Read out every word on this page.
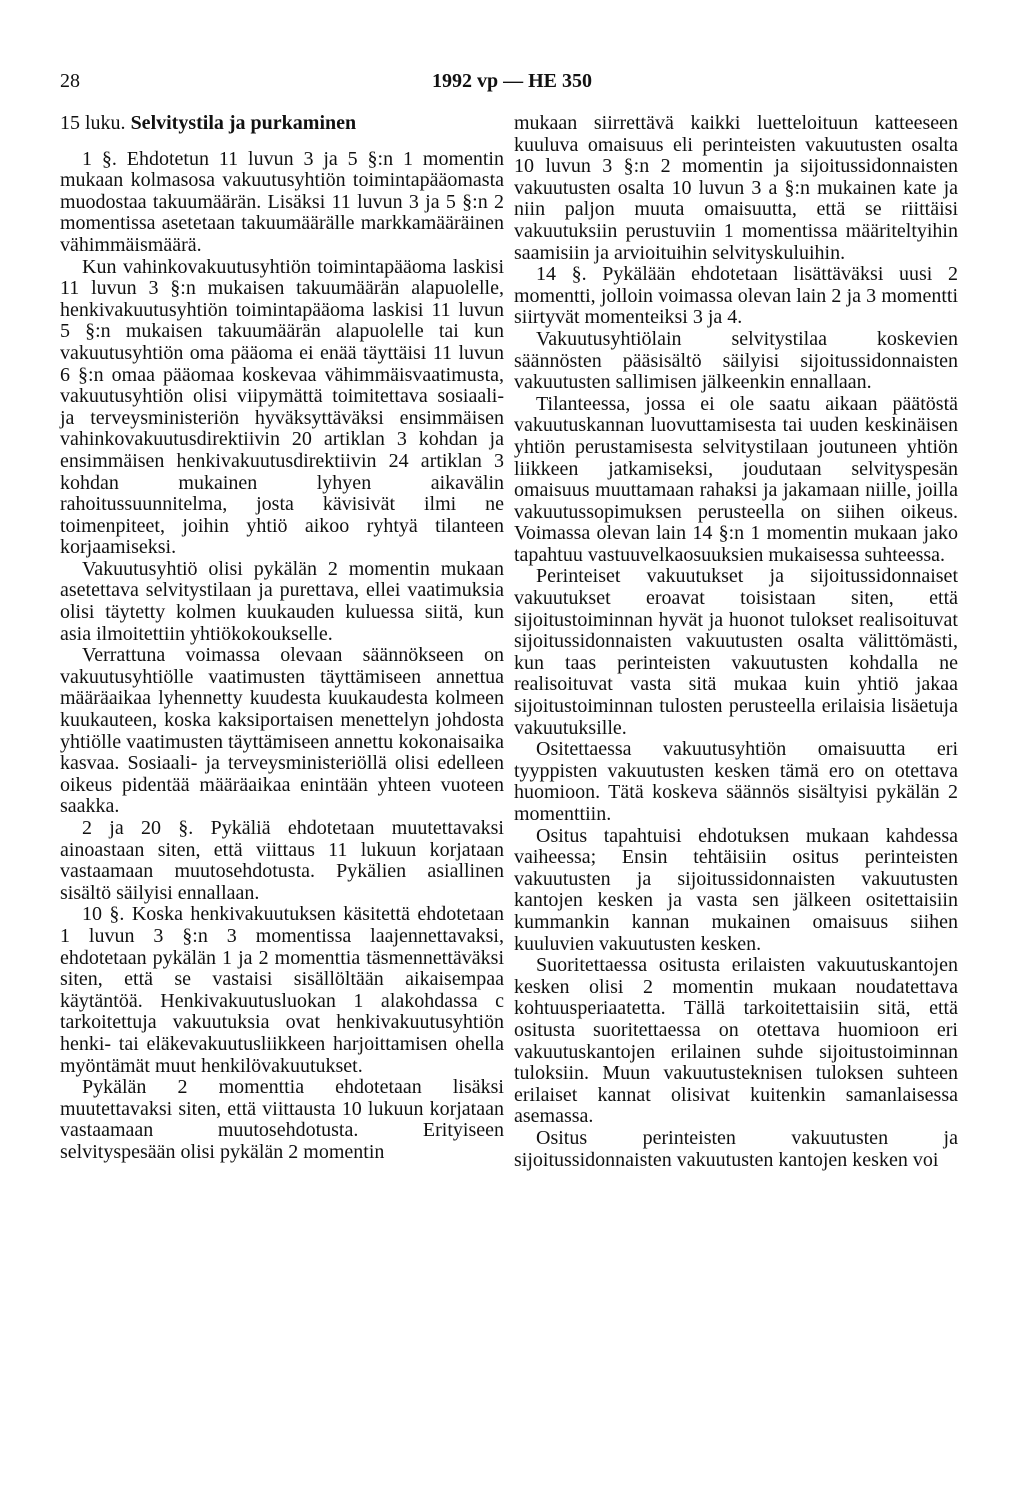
28	1992 vp — HE 350
15 luku. Selvitystila ja purkaminen

1 §. Ehdotetun 11 luvun 3 ja 5 §:n 1 momentin mukaan kolmasosa vakuutusyhtiön toimintapääomasta muodostaa takuumäärän. Lisäksi 11 luvun 3 ja 5 §:n 2 momentissa asetetaan takuumäärälle markkamääräinen vähimmäismäärä.

Kun vahinkovakuutusyhtiön toimintapääoma laskisi 11 luvun 3 §:n mukaisen takuumäärän alapuolelle, henkivakuutusyhtiön toimintapääoma laskisi 11 luvun 5 §:n mukaisen takuumäärän alapuolelle tai kun vakuutusyhtiön oma pääoma ei enää täyttäisi 11 luvun 6 §:n omaa pääomaa koskevaa vähimmäisvaatimusta, vakuutusyhtiön olisi viipymättä toimitettava sosiaali- ja terveysministeriön hyväksyttäväksi ensimmäisen vahinkovakuutusdirektiivin 20 artiklan 3 kohdan ja ensimmäisen henkivakuutusdirektiivin 24 artiklan 3 kohdan mukainen lyhyen aikavälin rahoitussuunnitelma, josta kävisivät ilmi ne toimenpiteet, joihin yhtiö aikoo ryhtyä tilanteen korjaamiseksi.

Vakuutusyhtiö olisi pykälän 2 momentin mukaan asetettava selvitystilaan ja purettava, ellei vaatimuksia olisi täytetty kolmen kuukauden kuluessa siitä, kun asia ilmoitettiin yhtiökokoukselle.

Verrattuna voimassa olevaan säännökseen on vakuutusyhtiölle vaatimusten täyttämiseen annettua määräaikaa lyhennetty kuudesta kuukaudesta kolmeen kuukauteen, koska kaksiportaisen menettelyn johdosta yhtiölle vaatimusten täyttämiseen annettu kokonaisaika kasvaa. Sosiaali- ja terveysministeriöllä olisi edelleen oikeus pidentää määräaikaa enintään yhteen vuoteen saakka.

2 ja 20 §. Pykäliä ehdotetaan muutettavaksi ainoastaan siten, että viittaus 11 lukuun korjataan vastaamaan muutosehdotusta. Pykälien asiallinen sisältö säilyisi ennallaan.

10 §. Koska henkivakuutuksen käsitettä ehdotetaan 1 luvun 3 §:n 3 momentissa laajennettavaksi, ehdotetaan pykälän 1 ja 2 momenttia täsmennettäväksi siten, että se vastaisi sisällöltään aikaisempaa käytäntöä. Henkivakuutusluokan 1 alakohdassa c tarkoitettuja vakuutuksia ovat henkivakuutusyhtiön henki- tai eläkevakuutusliikkeen harjoittamisen ohella myöntämät muut henkilövakuutukset.

Pykälän 2 momenttia ehdotetaan lisäksi muutettavaksi siten, että viittausta 10 lukuun korjataan vastaamaan muutosehdotusta. Erityiseen selvityspesään olisi pykälän 2 momentin

mukaan siirrettävä kaikki luetteloituun katteeseen kuuluva omaisuus eli perinteisten vakuutusten osalta 10 luvun 3 §:n 2 momentin ja sijoitussidonnaisten vakuutusten osalta 10 luvun 3 a §:n mukainen kate ja niin paljon muuta omaisuutta, että se riittäisi vakuutuksiin perustuviin 1 momentissa määriteltyihin saamisiin ja arvioituihin selvityskuluihin.

14 §. Pykälään ehdotetaan lisättäväksi uusi 2 momentti, jolloin voimassa olevan lain 2 ja 3 momentti siirtyvät momenteiksi 3 ja 4.

Vakuutusyhtiölain selvitystilaa koskevien säännösten pääsisältö säilyisi sijoitussidonnaisten vakuutusten sallimisen jälkeenkin ennallaan.

Tilanteessa, jossa ei ole saatu aikaan päätöstä vakuutuskannan luovuttamisesta tai uuden keskinäisen yhtiön perustamisesta selvitystilaan joutuneen yhtiön liikkeen jatkamiseksi, joudutaan selvityspesän omaisuus muuttamaan rahaksi ja jakamaan niille, joilla vakuutussopimuksen perusteella on siihen oikeus. Voimassa olevan lain 14 §:n 1 momentin mukaan jako tapahtuu vastuuvelkaosuuksien mukaisessa suhteessa.

Perinteiset vakuutukset ja sijoitussidonnaiset vakuutukset eroavat toisistaan siten, että sijoitustoiminnan hyvät ja huonot tulokset realisoituvat sijoitussidonnaisten vakuutusten osalta välittömästi, kun taas perinteisten vakuutusten kohdalla ne realisoituvat vasta sitä mukaa kuin yhtiö jakaa sijoitustoiminnan tulosten perusteella erilaisia lisäetuja vakuutuksille.

Ositettaessa vakuutusyhtiön omaisuutta eri tyyppisten vakuutusten kesken tämä ero on otettava huomioon. Tätä koskeva säännös sisältyisi pykälän 2 momenttiin.

Ositus tapahtuisi ehdotuksen mukaan kahdessa vaiheessa; Ensin tehtäisiin ositus perinteisten vakuutusten ja sijoitussidonnaisten vakuutusten kantojen kesken ja vasta sen jälkeen ositettaisiin kummankin kannan mukainen omaisuus siihen kuuluvien vakuutusten kesken.

Suoritettaessa ositusta erilaisten vakuutuskantojen kesken olisi 2 momentin mukaan noudatettava kohtuusperiaatetta. Tällä tarkoitettaisiin sitä, että ositusta suoritettaessa on otettava huomioon eri vakuutuskantojen erilainen suhde sijoitustoiminnan tuloksiin. Muun vakuutusteknisen tuloksen suhteen erilaiset kannat olisivat kuitenkin samanlaisessa asemassa.

Ositus perinteisten vakuutusten ja sijoitussidonnaisten vakuutusten kantojen kesken voi
